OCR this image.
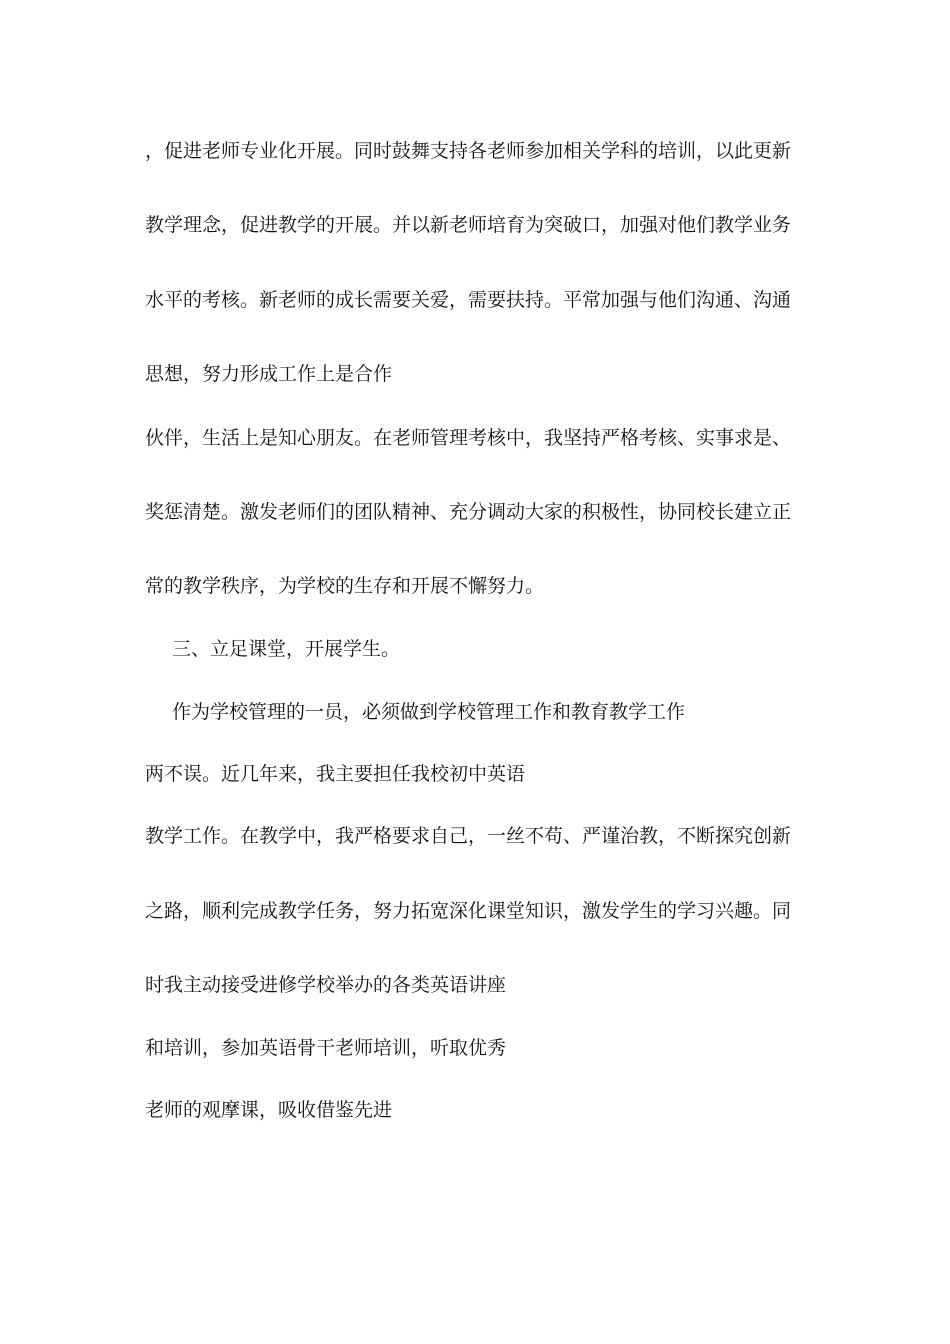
，促进老师专业化开展。同时鼓舞支持各老师参加相关学科的培训，以此更新
教学理念，促进教学的开展。并以新老师培育为突破口，加强对他们教学业务
水平的考核。新老师的成长需要关爱，需要扶持。平常加强与他们沟通、沟通
思想，努力形成工作上是合作
伙伴，生活上是知心朋友。在老师管理考核中，我坚持严格考核、实事求是、
奖惩清楚。激发老师们的团队精神、充分调动大家的积极性，协同校长建立正
常的教学秩序，为学校的生存和开展不懈努力。
三、立足课堂，开展学生。
作为学校管理的一员，必须做到学校管理工作和教育教学工作
两不误。近几年来，我主要担任我校初中英语
教学工作。在教学中，我严格要求自己，一丝不苟、严谨治教，不断探究创新
之路，顺利完成教学任务，努力拓宽深化课堂知识，激发学生的学习兴趣。同
时我主动接受进修学校举办的各类英语讲座
和培训，参加英语骨干老师培训，听取优秀
老师的观摩课，吸收借鉴先进
